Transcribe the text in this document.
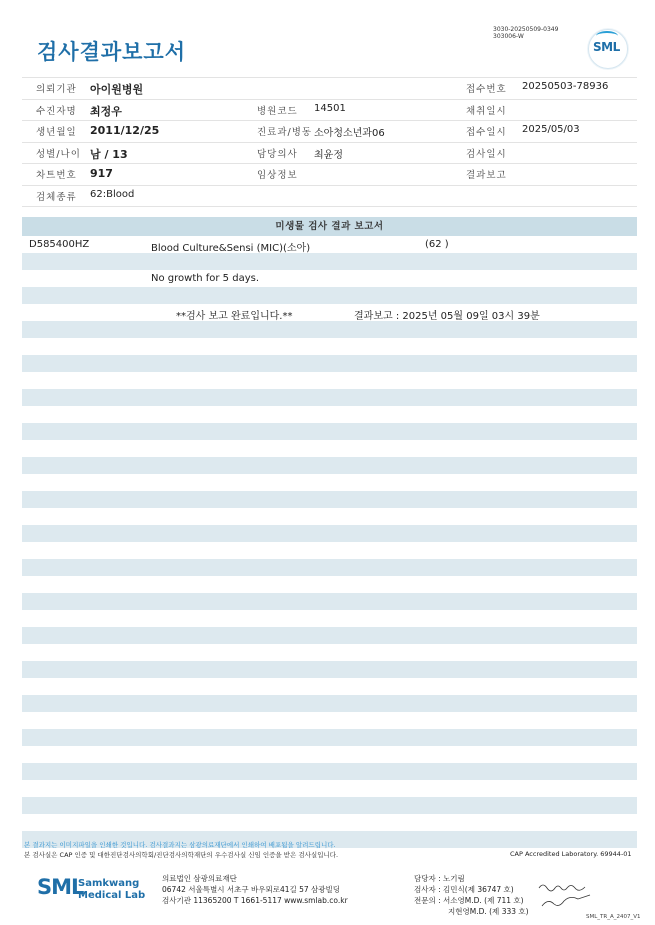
검사결과보고서
3030-20250509-0349
303006-W
SML
의뢰기관 아이원병원	접수번호 20250503-78936
수진자명 최정우	병원코드 14501	채취일시
생년월일 2011/12/25	진료과/병동 소아청소년과06	접수일시 2025/05/03
성별/나이 남 / 13	담당의사 최윤정	검사일시
차트번호 917	임상정보	결과보고
검체종류 62:Blood
미생물 검사 결과 보고서
D585400HZ	Blood Culture&Sensi (MIC)(소아)	(62 )
No growth for 5 days.
**검사 보고 완료입니다.**	결과보고 : 2025년 05월 09일 03시 39분
본 결과지는 이미지파일을 인쇄한 것입니다. 검사결과지는 삼광의료재단에서 인쇄하여 배포됨을 알려드립니다.
본 검사실은 CAP 인증 및 대한진단검사의학회/진단검사의학재단의 우수검사실 신임 인증을 받은 검사실입니다.	CAP Accredited Laboratory. 69944-01
SML
Samkwang
Medical Lab
의료법인 삼광의료재단
06742 서울특별시 서초구 바우뫼로41길 57 삼광빌딩
검사기관 11365200 T 1661-5117 www.smlab.co.kr
담당자 : 노기림
검사자 : 김민식(제 36747 호)
전문의 : 서소영M.D. (제 711 호)
지현영M.D. (제 333 호)
SML_TR_A_2407_V1
